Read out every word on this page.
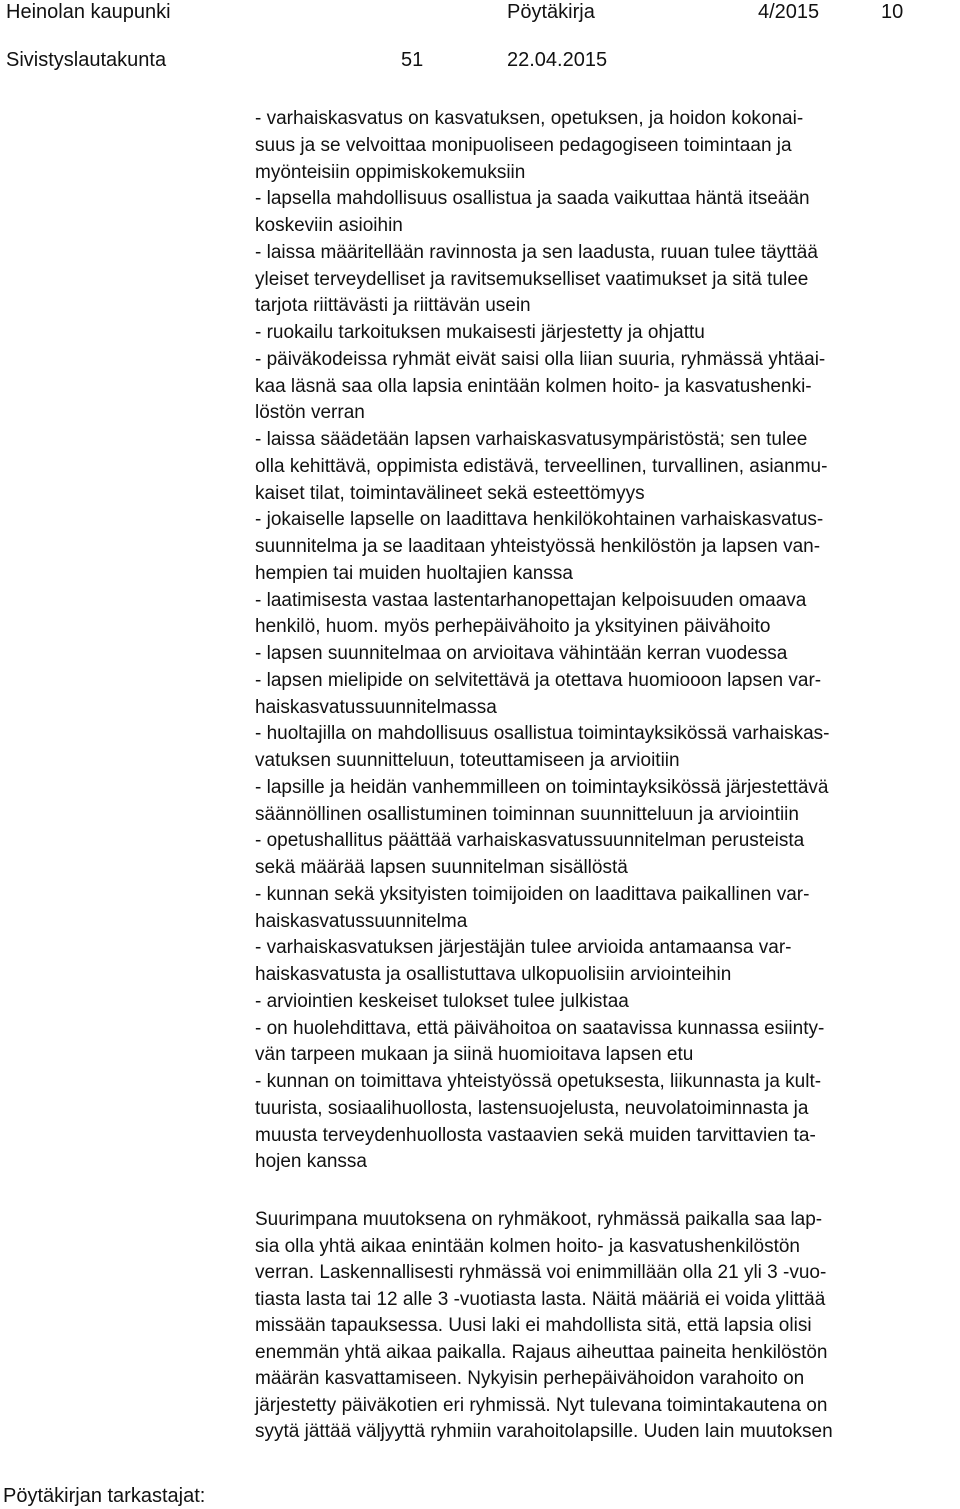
Heinolan kaupunki	Pöytäkirja	4/2015	10
Sivistyslautakunta	51	22.04.2015
- varhaiskasvatus on kasvatuksen, opetuksen, ja hoidon kokonai-
suus ja se velvoittaa monipuoliseen pedagogiseen toimintaan ja
myönteisiin oppimiskokemuksiin
- lapsella mahdollisuus osallistua ja saada vaikuttaa häntä itseään
koskeviin asioihin
- laissa määritellään ravinnosta ja sen laadusta, ruuan tulee täyttää
yleiset terveydelliset ja ravitsemukselliset vaatimukset ja sitä tulee
tarjota riittävästi ja riittävän usein
- ruokailu tarkoituksen mukaisesti järjestetty ja ohjattu
- päiväkodeissa ryhmät eivät saisi olla liian suuria, ryhmässä yhtäai-
kaa läsnä saa olla lapsia enintään kolmen hoito- ja kasvatushenki-
löstön verran
- laissa säädetään lapsen varhaiskasvatusympäristöstä; sen tulee
olla kehittävä, oppimista edistävä, terveellinen, turvallinen, asianmu-
kaiset tilat, toimintavälineet sekä esteettömyys
- jokaiselle lapselle on laadittava henkilökohtainen varhaiskasvatus-
suunnitelma ja se laaditaan yhteistyössä henkilöstön ja lapsen van-
hempien tai muiden huoltajien kanssa
- laatimisesta vastaa lastentarhanopettajan kelpoisuuden omaava
henkilö, huom. myös perhepäivähoito ja yksityinen päivähoito
- lapsen suunnitelmaa on arvioitava vähintään kerran vuodessa
- lapsen mielipide on selvitettävä ja otettava huomiooon lapsen var-
haiskasvatussuunnitelmassa
- huoltajilla on mahdollisuus osallistua toimintayksikössä varhaiskas-
vatuksen suunnitteluun, toteuttamiseen ja arvioitiin
- lapsille ja heidän vanhemmilleen on toimintayksikössä järjestettävä
säännöllinen osallistuminen toiminnan suunnitteluun ja arviointiin
- opetushallitus päättää varhaiskasvatussuunnitelman perusteista
sekä määrää lapsen suunnitelman sisällöstä
- kunnan sekä yksityisten toimijoiden on laadittava paikallinen var-
haiskasvatussuunnitelma
- varhaiskasvatuksen järjestäjän tulee arvioida antamaansa var-
haiskasvatusta ja osallistuttava ulkopuolisiin arviointeihin
- arviointien keskeiset tulokset tulee julkistaa
- on huolehdittava, että päivähoitoa on saatavissa kunnassa esiinty-
vän tarpeen mukaan ja siinä huomioitava lapsen etu
- kunnan on toimittava yhteistyössä opetuksesta, liikunnasta ja kult-
tuurista, sosiaalihuollosta, lastensuojelusta, neuvolatoiminnasta ja
muusta terveydenhuollosta vastaavien sekä muiden tarvittavien ta-
hojen kanssa
Suurimpana muutoksena on ryhmäkoot, ryhmässä paikalla saa lap-
sia olla yhtä aikaa enintään kolmen hoito- ja kasvatushenkilöstön
verran. Laskennallisesti ryhmässä voi enimmillään olla 21 yli 3 -vuo-
tiasta lasta tai 12 alle 3 -vuotiasta lasta. Näitä määriä ei voida ylittää
missään tapauksessa. Uusi laki ei mahdollista sitä, että lapsia olisi
enemmän yhtä aikaa paikalla. Rajaus aiheuttaa paineita henkilöstön
määrän kasvattamiseen. Nykyisin perhepäivähoidon varahoito on
järjestetty päiväkotien eri ryhmissä. Nyt tulevana toimintakautena on
syytä jättää väljyyttä ryhmiin varahoitolapsille. Uuden lain muutoksen
Pöytäkirjan tarkastajat:
